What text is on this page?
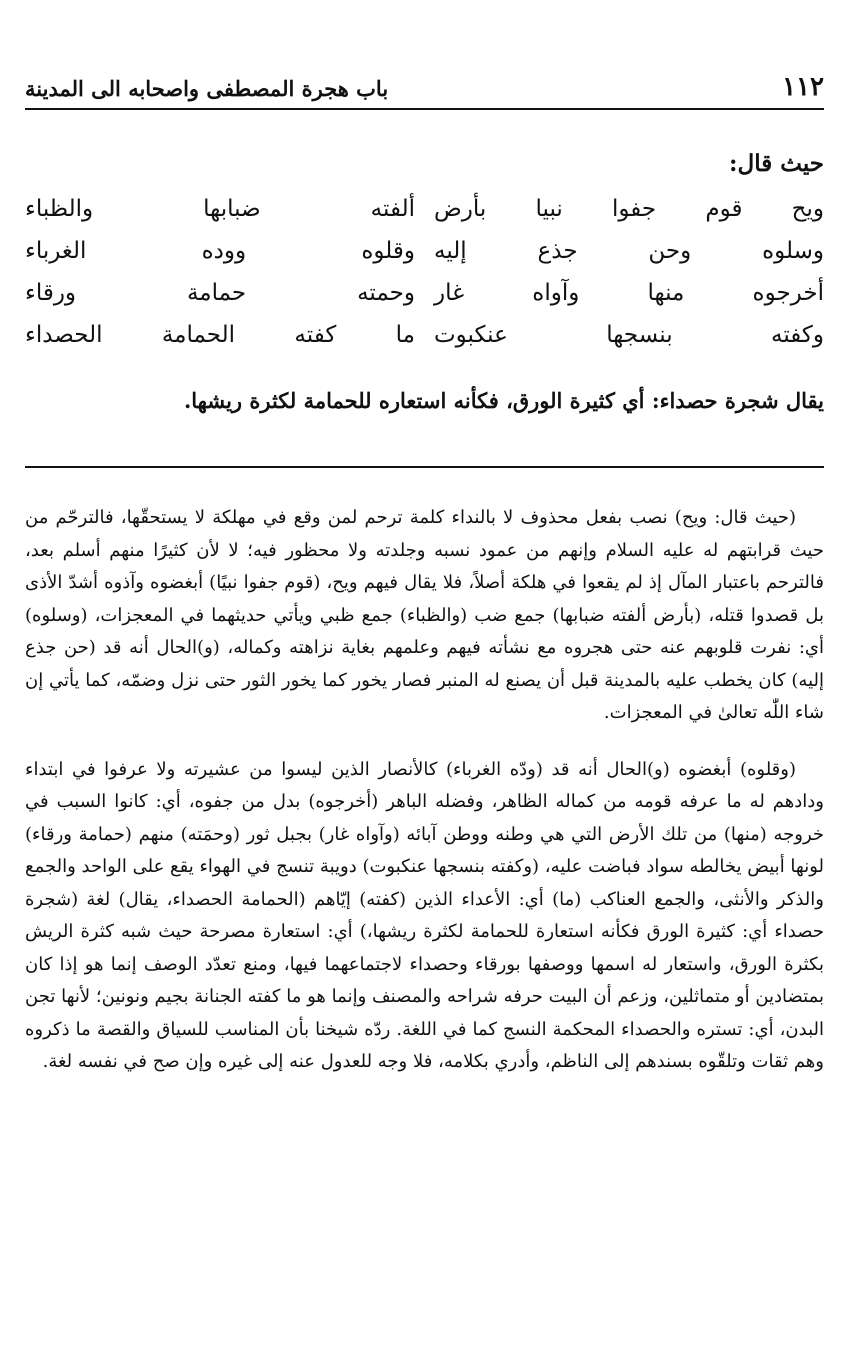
١١٢
باب هجرة المصطفى واصحابه الى المدينة
حيث قال:
ويح قوم جفوا نبيا بأرض
ألفته ضبابها والظباء
وسلوه وحن جذع إليه
وقلوه ووده الغرباء
أخرجوه منها وآواه غار
وحمته حمامة ورقاء
وكفته بنسجها عنكبوت
ما كفته الحمامة الحصداء
يقال شجرة حصداء: أي كثيرة الورق، فكأنه استعاره للحمامة لكثرة ريشها.

(حيث قال: ويح) نصب بفعل محذوف لا بالنداء كلمة ترحم لمن وقع في مهلكة لا يستحقّها، فالترحّم من حيث قرابتهم له عليه السلام وإنهم من عمود نسبه وجلدته ولا محظور فيه؛ لا لأن كثيرًا منهم أسلم بعد، فالترحم باعتبار المآل إذ لم يقعوا في هلكة أصلاً، فلا يقال فيهم ويح، (قوم جفوا نبيًا) أبغضوه وآذوه أشدّ الأذى بل قصدوا قتله، (بأرض ألفته ضبابها) جمع ضب (والظباء) جمع ظبي ويأتي حديثهما في المعجزات، (وسلوه) أي: نفرت قلوبهم عنه حتى هجروه مع نشأته فيهم وعلمهم بغاية نزاهته وكماله، (و)الحال أنه قد (حن جذع إليه) كان يخطب عليه بالمدينة قبل أن يصنع له المنبر فصار يخور كما يخور الثور حتى نزل وضمّه، كما يأتي إن شاء اللّٰه تعالىٰ في المعجزات.

(وقلوه) أبغضوه (و)الحال أنه قد (ودّه الغرباء) كالأنصار الذين ليسوا من عشيرته ولا عرفوا في ابتداء ودادهم له ما عرفه قومه من كماله الظاهر، وفضله الباهر (أخرجوه) بدل من جفوه، أي: كانوا السبب في خروجه (منها) من تلك الأرض التي هي وطنه ووطن آبائه (وآواه غار) بجبل ثور (وحمَته) منهم (حمامة ورقاء) لونها أبيض يخالطه سواد فباضت عليه، (وكفته بنسجها عنكبوت) دويبة تنسج في الهواء يقع على الواحد والجمع والذكر والأنثى، والجمع العناكب (ما) أي: الأعداء الذين (كفته) إيّاهم (الحمامة الحصداء، يقال) لغة (شجرة حصداء أي: كثيرة الورق فكأنه استعارة للحمامة لكثرة ريشها،) أي: استعارة مصرحة حيث شبه كثرة الريش بكثرة الورق، واستعار له اسمها ووصفها بورقاء وحصداء لاجتماعهما فيها، ومنع تعدّد الوصف إنما هو إذا كان بمتضادين أو متماثلين، وزعم أن البيت حرفه شراحه والمصنف وإنما هو ما كفته الجنانة بجيم ونونين؛ لأنها تجن البدن، أي: تستره والحصداء المحكمة النسج كما في اللغة. ردّه شيخنا بأن المناسب للسياق والقصة ما ذكروه وهم ثقات وتلقّوه بسندهم إلى الناظم، وأدري بكلامه، فلا وجه للعدول عنه إلى غيره وإن صح في نفسه لغة.
